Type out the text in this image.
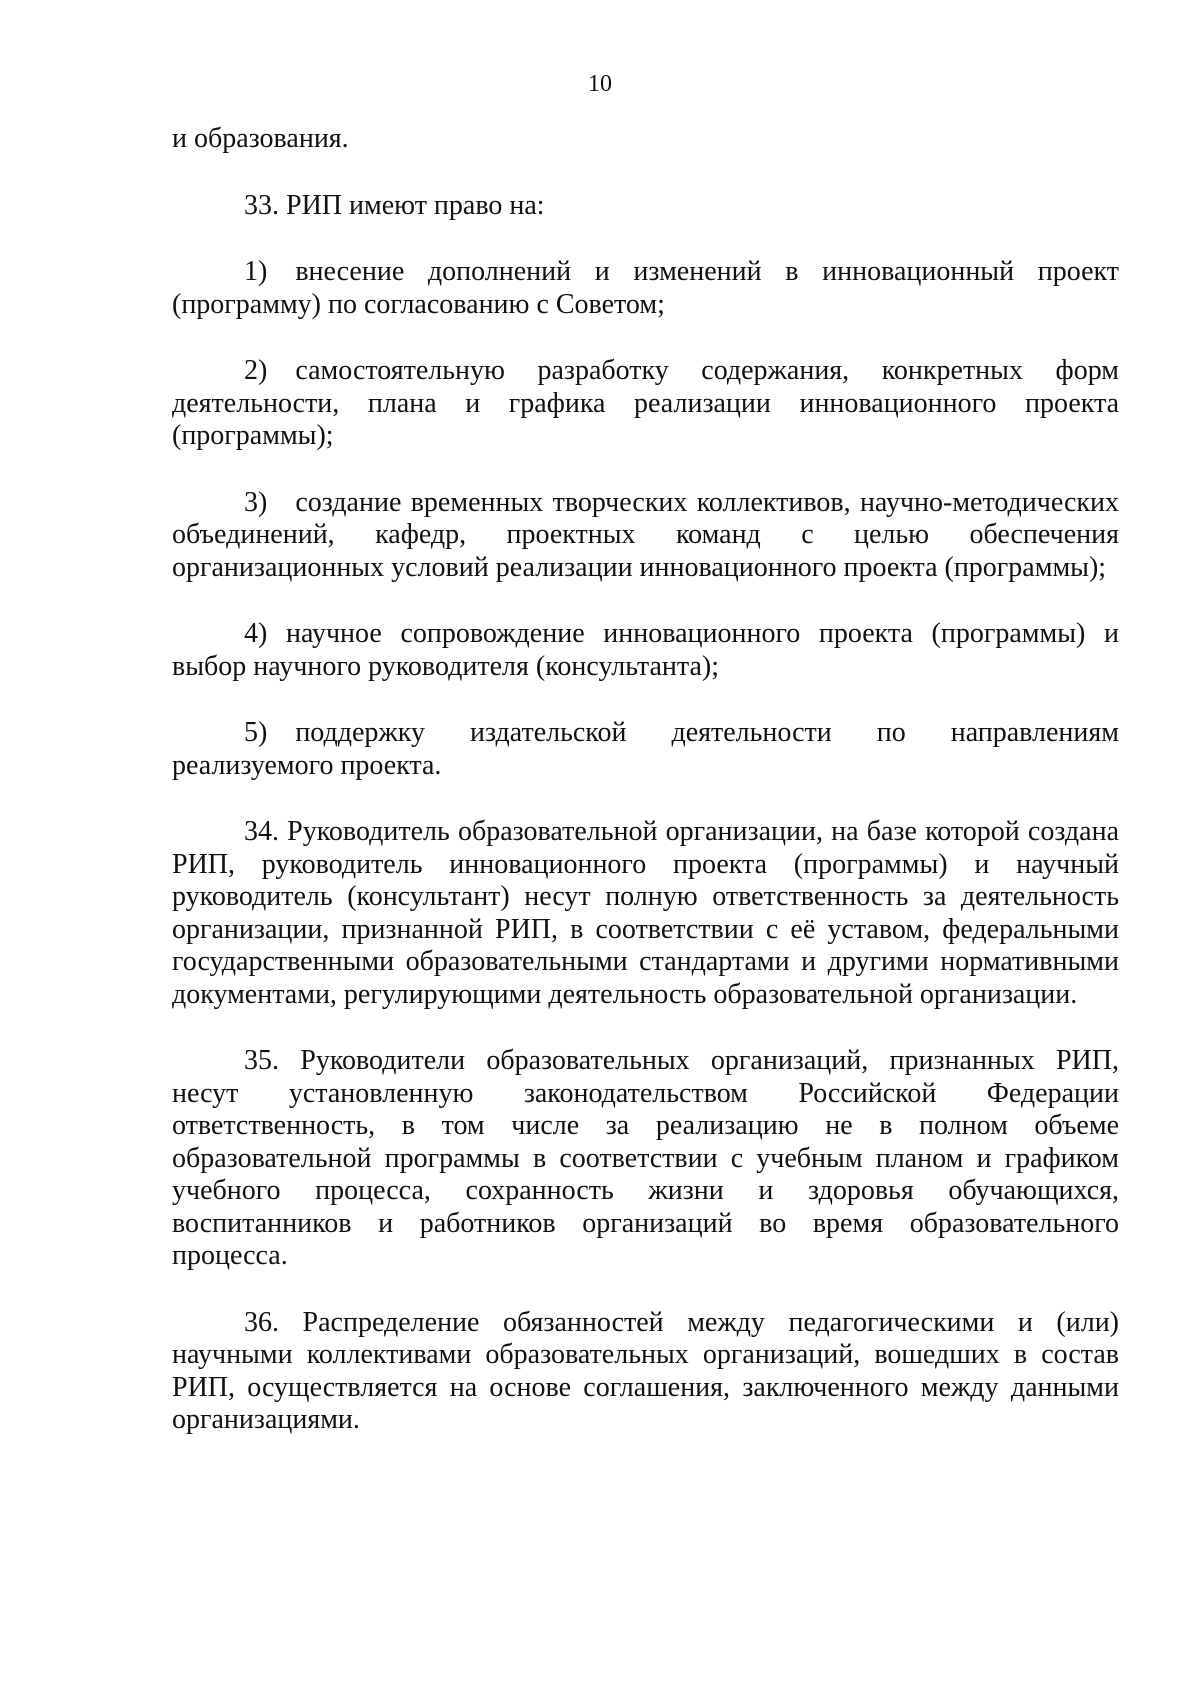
10

и образования.

33. РИП имеют право на:

1) внесение дополнений и изменений в инновационный проект (программу) по согласованию с Советом;

2) самостоятельную разработку содержания, конкретных форм деятельности, плана и графика реализации инновационного проекта (программы);

3) создание временных творческих коллективов, научно-методических объединений, кафедр, проектных команд с целью обеспечения организационных условий реализации инновационного проекта (программы);

4) научное сопровождение инновационного проекта (программы) и выбор научного руководителя (консультанта);

5) поддержку издательской деятельности по направлениям реализуемого проекта.

34. Руководитель образовательной организации, на базе которой создана РИП, руководитель инновационного проекта (программы) и научный руководитель (консультант) несут полную ответственность за деятельность организации, признанной РИП, в соответствии с её уставом, федеральными государственными образовательными стандартами и другими нормативными документами, регулирующими деятельность образовательной организации.

35. Руководители образовательных организаций, признанных РИП, несут установленную законодательством Российской Федерации ответственность, в том числе за реализацию не в полном объеме образовательной программы в соответствии с учебным планом и графиком учебного процесса, сохранность жизни и здоровья обучающихся, воспитанников и работников организаций во время образовательного процесса.

36. Распределение обязанностей между педагогическими и (или) научными коллективами образовательных организаций, вошедших в состав РИП, осуществляется на основе соглашения, заключенного между данными организациями.
